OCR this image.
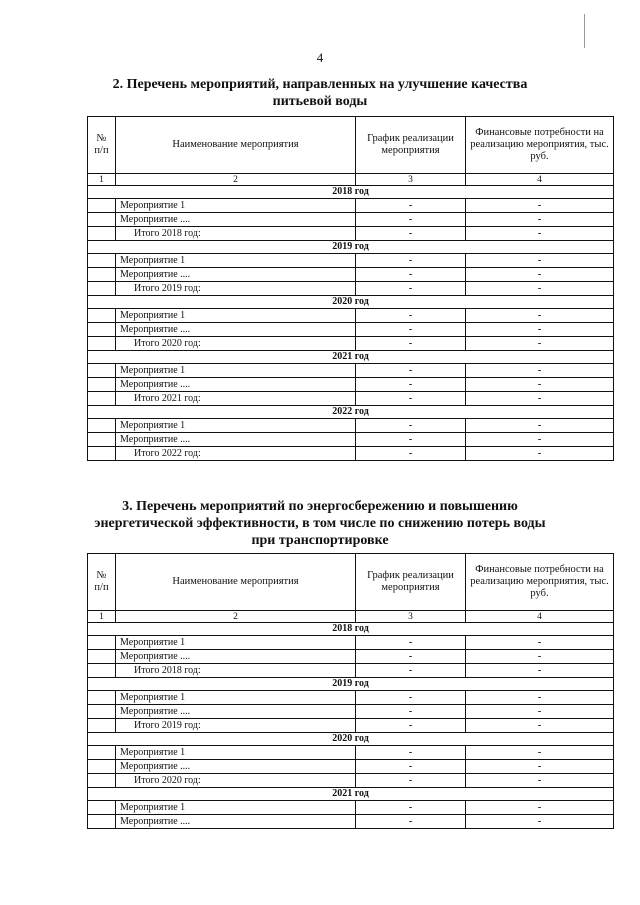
4
2. Перечень мероприятий, направленных на улучшение качества
питьевой воды
№ п/п	Наименование мероприятия	График реализации мероприятия	Финансовые потребности на реализацию мероприятия, тыс. руб.
1	2	3	4
2018 год			
	Мероприятие 1	-	-
	Мероприятие ....	-	-
	Итого 2018 год:	-	-
2019 год			
	Мероприятие 1	-	-
	Мероприятие ....	-	-
	Итого 2019 год:	-	-
2020 год			
	Мероприятие 1	-	-
	Мероприятие ....	-	-
	Итого 2020 год:	-	-
2021 год			
	Мероприятие 1	-	-
	Мероприятие ....	-	-
	Итого 2021 год:	-	-
2022 год			
	Мероприятие 1	-	-
	Мероприятие ....	-	-
	Итого 2022 год:	-	-
3. Перечень мероприятий по энергосбережению и повышению
энергетической эффективности, в том числе по снижению потерь воды
при транспортировке
№ п/п	Наименование мероприятия	График реализации мероприятия	Финансовые потребности на реализацию мероприятия, тыс. руб.
1	2	3	4
2018 год			
	Мероприятие 1	-	-
	Мероприятие ....	-	-
	Итого 2018 год:	-	-
2019 год			
	Мероприятие 1	-	-
	Мероприятие ....	-	-
	Итого 2019 год:	-	-
2020 год			
	Мероприятие 1	-	-
	Мероприятие ....	-	-
	Итого 2020 год:	-	-
2021 год			
	Мероприятие 1	-	-
	Мероприятие ....	-	-
